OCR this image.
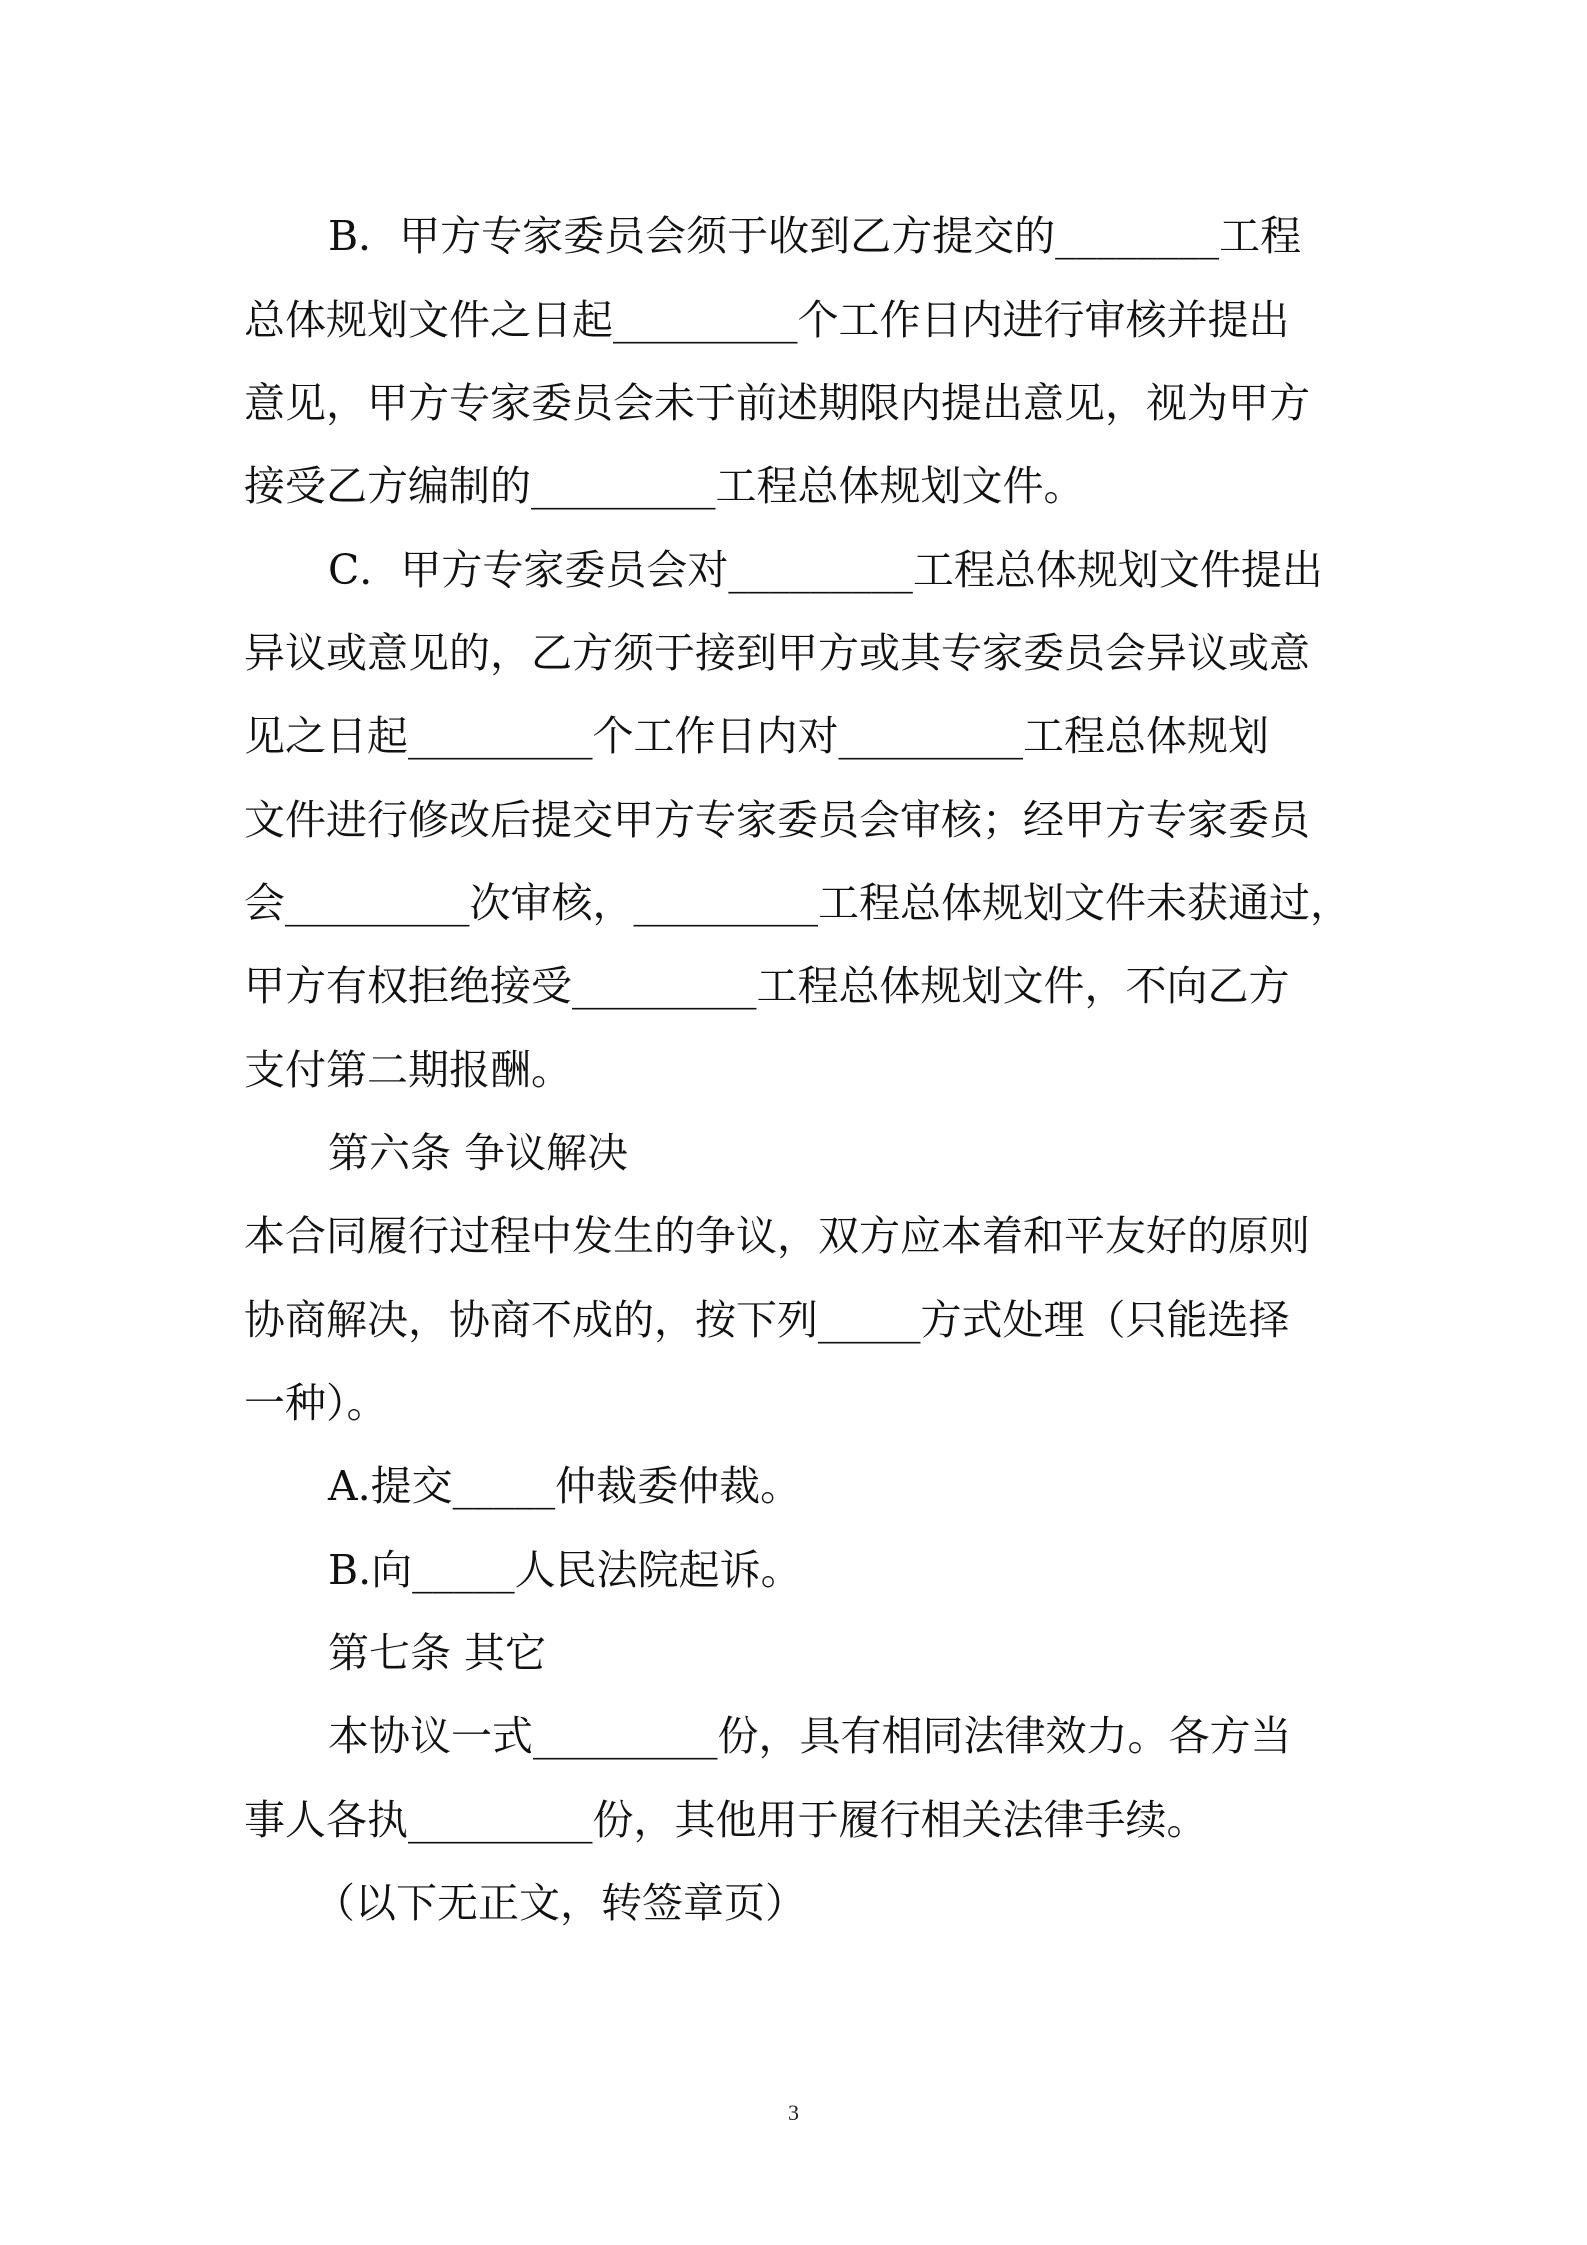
B．甲方专家委员会须于收到乙方提交的________工程
总体规划文件之日起_________个工作日内进行审核并提出
意见，甲方专家委员会未于前述期限内提出意见，视为甲方
接受乙方编制的_________工程总体规划文件。
C．甲方专家委员会对_________工程总体规划文件提出
异议或意见的，乙方须于接到甲方或其专家委员会异议或意
见之日起_________个工作日内对_________工程总体规划
文件进行修改后提交甲方专家委员会审核；经甲方专家委员
会_________次审核，_________工程总体规划文件未获通过，
甲方有权拒绝接受_________工程总体规划文件，不向乙方
支付第二期报酬。
第六条 争议解决
本合同履行过程中发生的争议，双方应本着和平友好的原则
协商解决，协商不成的，按下列_____方式处理（只能选择
一种）。
A.提交_____仲裁委仲裁。
B.向_____人民法院起诉。
第七条 其它
本协议一式_________份，具有相同法律效力。各方当
事人各执_________份，其他用于履行相关法律手续。
（以下无正文，转签章页）
3
